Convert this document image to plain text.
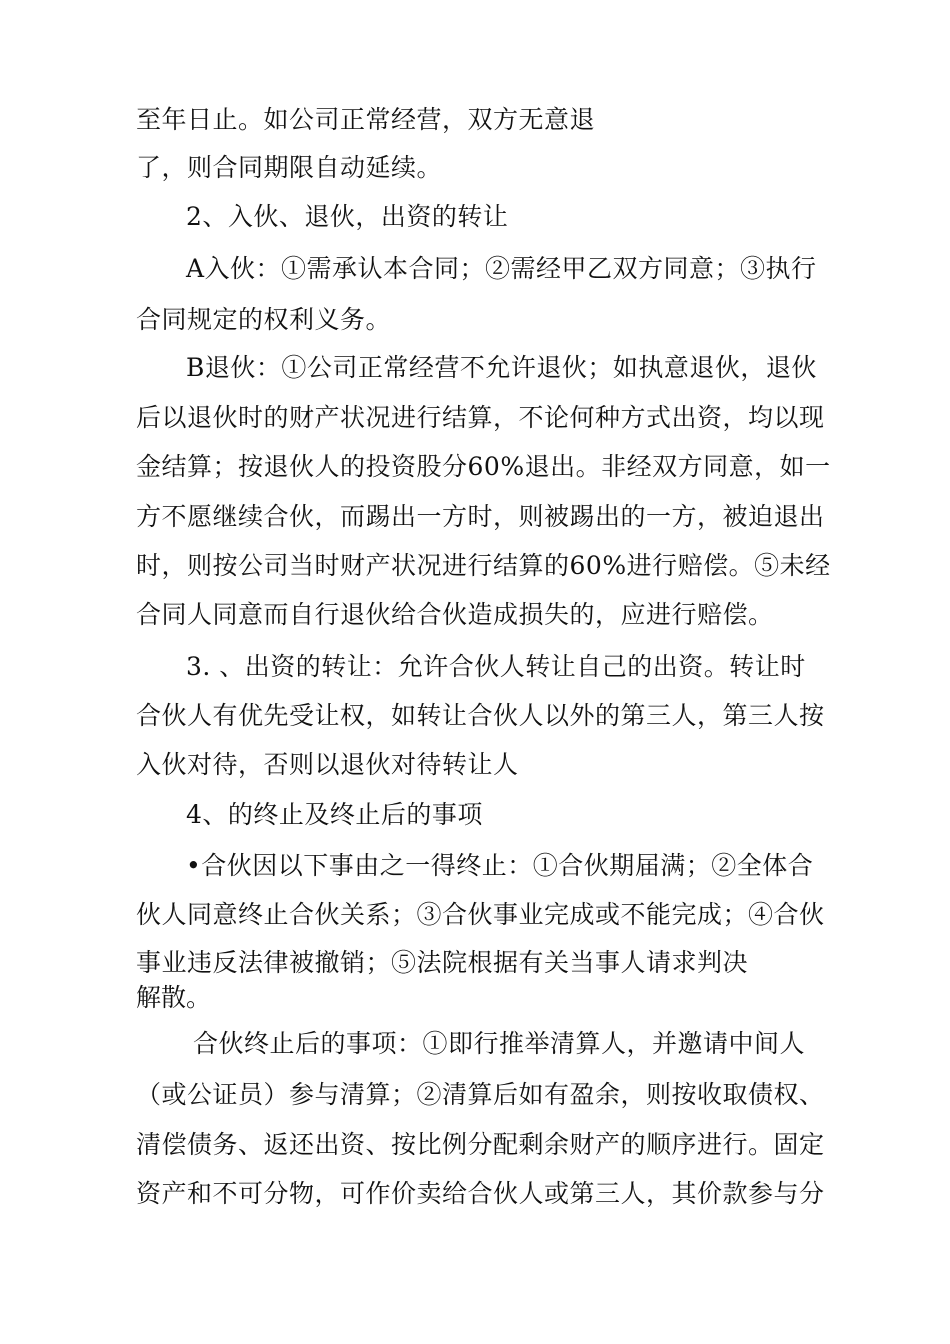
至年日止。如公司正常经营，双方无意退

了，则合同期限自动延续。

2、入伙、退伙，出资的转让

A入伙：①需承认本合同；②需经甲乙双方同意；③执行

合同规定的权利义务。

B退伙：①公司正常经营不允许退伙；如执意退伙，退伙

后以退伙时的财产状况进行结算，不论何种方式出资，均以现

金结算；按退伙人的投资股分60%退出。非经双方同意，如一

方不愿继续合伙，而踢出一方时，则被踢出的一方，被迫退出

时，则按公司当时财产状况进行结算的60%进行赔偿。⑤未经

合同人同意而自行退伙给合伙造成损失的，应进行赔偿。

3. 、出资的转让：允许合伙人转让自己的出资。转让时

合伙人有优先受让权，如转让合伙人以外的第三人，第三人按

入伙对待，否则以退伙对待转让人

4、的终止及终止后的事项

•合伙因以下事由之一得终止：①合伙期届满；②全体合

伙人同意终止合伙关系；③合伙事业完成或不能完成；④合伙

事业违反法律被撤销；⑤法院根据有关当事人请求判决

解散。

合伙终止后的事项：①即行推举清算人，并邀请中间人

（或公证员）参与清算；②清算后如有盈余，则按收取债权、

清偿债务、返还出资、按比例分配剩余财产的顺序进行。固定

资产和不可分物，可作价卖给合伙人或第三人，其价款参与分
